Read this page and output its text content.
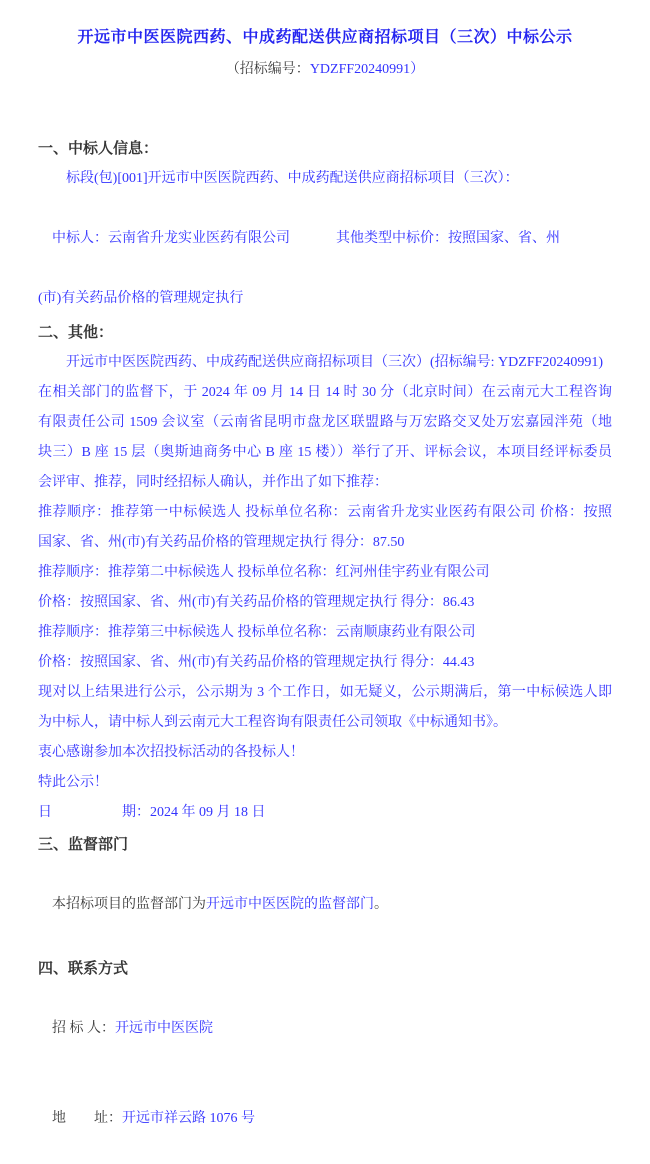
开远市中医医院西药、中成药配送供应商招标项目（三次）中标公示
（招标编号：YDZFF20240991）
一、中标人信息：
标段(包)[001]开远市中医医院西药、中成药配送供应商招标项目（三次）：

中标人：云南省升龙实业医药有限公司	其他类型中标价：按照国家、省、州

(市)有关药品价格的管理规定执行
二、其他：
开远市中医医院西药、中成药配送供应商招标项目（三次）(招标编号: YDZFF20240991)
在相关部门的监督下，于 2024 年 09 月 14 日 14 时 30 分（北京时间）在云南元大工程咨询
有限责任公司 1509 会议室（云南省昆明市盘龙区联盟路与万宏路交叉处万宏嘉园泮苑（地
块三）B 座 15 层（奥斯迪商务中心 B 座 15 楼））举行了开、评标会议，本项目经评标委员
会评审、推荐，同时经招标人确认，并作出了如下推荐：
推荐顺序：推荐第一中标候选人 投标单位名称：云南省升龙实业医药有限公司 价格：按照
国家、省、州(市)有关药品价格的管理规定执行 得分：87.50
推荐顺序：推荐第二中标候选人 投标单位名称：红河州佳宇药业有限公司
价格：按照国家、省、州(市)有关药品价格的管理规定执行 得分：86.43
推荐顺序：推荐第三中标候选人 投标单位名称：云南顺康药业有限公司
价格：按照国家、省、州(市)有关药品价格的管理规定执行 得分：44.43
现对以上结果进行公示，公示期为 3 个工作日，如无疑义，公示期满后，第一中标候选人即
为中标人，请中标人到云南元大工程咨询有限责任公司领取《中标通知书》。
衷心感谢参加本次招投标活动的各投标人！
特此公示！
日　　　　　期：2024 年 09 月 18 日
三、监督部门

本招标项目的监督部门为开远市中医医院的监督部门。

四、联系方式

招 标 人：开远市中医医院

地　　址：开远市祥云路 1076 号
